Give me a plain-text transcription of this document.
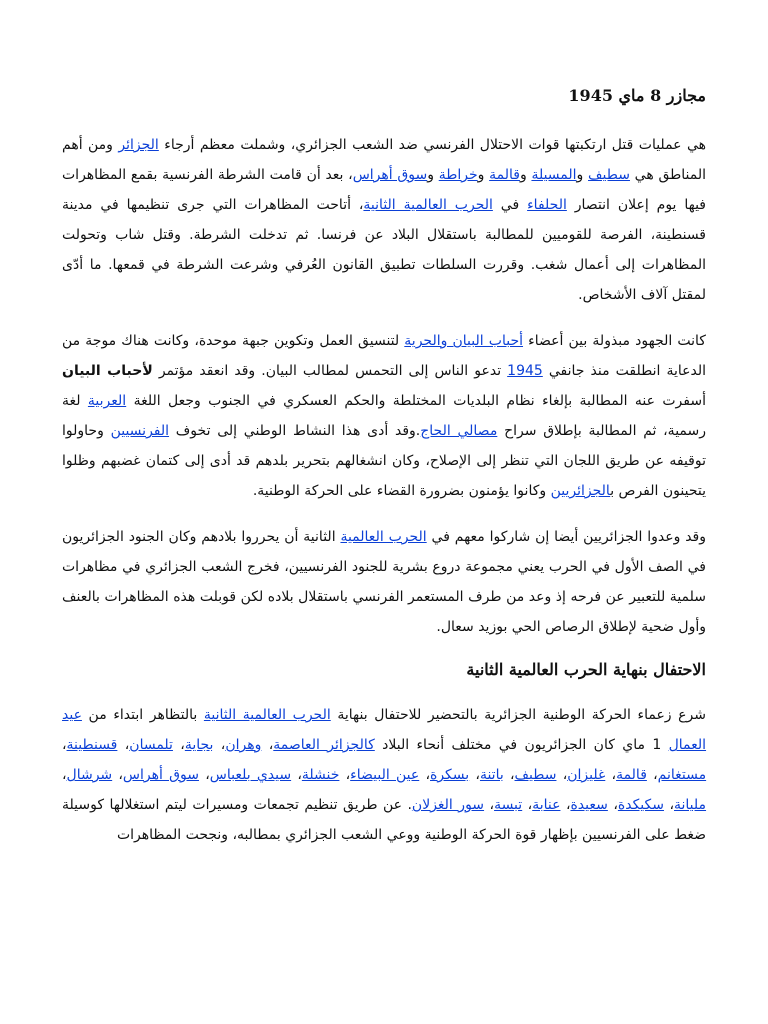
مجازر 8 ماي 1945

هي عمليات قتل ارتكبتها قوات الاحتلال الفرنسي ضد الشعب الجزائري، وشملت معظم أرجاء الجزائر ومن أهم المناطق هي سطيف والمسيلة وقالمة وخراطة وسوق أهراس، بعد أن قامت الشرطة الفرنسية بقمع المظاهرات فيها يوم إعلان انتصار الحلفاء في الحرب العالمية الثانية، أتاحت المظاهرات التي جرى تنظيمها في مدينة قسنطينة، الفرصة للقوميين للمطالبة باستقلال البلاد عن فرنسا. ثم تدخلت الشرطة. وقتل شاب وتحولت المظاهرات إلى أعمال شغب. وقررت السلطات تطبيق القانون العُرفي وشرعت الشرطة في قمعها. ما أدّى لمقتل آلاف الأشخاص.

كانت الجهود مبذولة بين أعضاء أحباب البيان والحرية لتنسيق العمل وتكوين جبهة موحدة، وكانت هناك موجة من الدعاية انطلقت منذ جانفي 1945 تدعو الناس إلى التحمس لمطالب البيان. وقد انعقد مؤتمر لأحباب البيان أسفرت عنه المطالبة بإلغاء نظام البلديات المختلطة والحكم العسكري في الجنوب وجعل اللغة العربية لغة رسمية، ثم المطالبة بإطلاق سراح مصالي الحاج.وقد أدى هذا النشاط الوطني إلى تخوف الفرنسيين وحاولوا توقيفه عن طريق اللجان التي تنظر إلى الإصلاح، وكان انشغالهم بتحرير بلدهم قد أدى إلى كتمان غضبهم وظلوا يتحينون الفرص بالجزائريين وكانوا يؤمنون بضرورة القضاء على الحركة الوطنية.

وقد وعدوا الجزائريين أيضا إن شاركوا معهم في الحرب العالمية الثانية أن يحرروا بلادهم وكان الجنود الجزائريون في الصف الأول في الحرب يعني مجموعة دروع بشرية للجنود الفرنسيين، فخرج الشعب الجزائري في مظاهرات سلمية للتعبير عن فرحه إذ وعد من طرف المستعمر الفرنسي باستقلال بلاده لكن قوبلت هذه المظاهرات بالعنف وأول ضحية لإطلاق الرصاص الحي بوزيد سعال.

الاحتفال بنهاية الحرب العالمية الثانية

شرع زعماء الحركة الوطنية الجزائرية بالتحضير للاحتفال بنهاية الحرب العالمية الثانية بالتظاهر ابتداء من عيد العمال 1 ماي كان الجزائريون في مختلف أنحاء البلاد كالجزائر العاصمة، وهران، بجاية، تلمسان، قسنطينة، مستغانم، قالمة، غليزان، سطيف، باتنة، بسكرة، عين البيضاء، خنشلة، سيدي بلعباس، سوق أهراس، شرشال، مليانة، سكيكدة، سعيدة، عنابة، تبسة، سور الغزلان. عن طريق تنظيم تجمعات ومسيرات ليتم استغلالها كوسيلة ضغط على الفرنسيين بإظهار قوة الحركة الوطنية ووعي الشعب الجزائري بمطالبه، ونجحت المظاهرات
